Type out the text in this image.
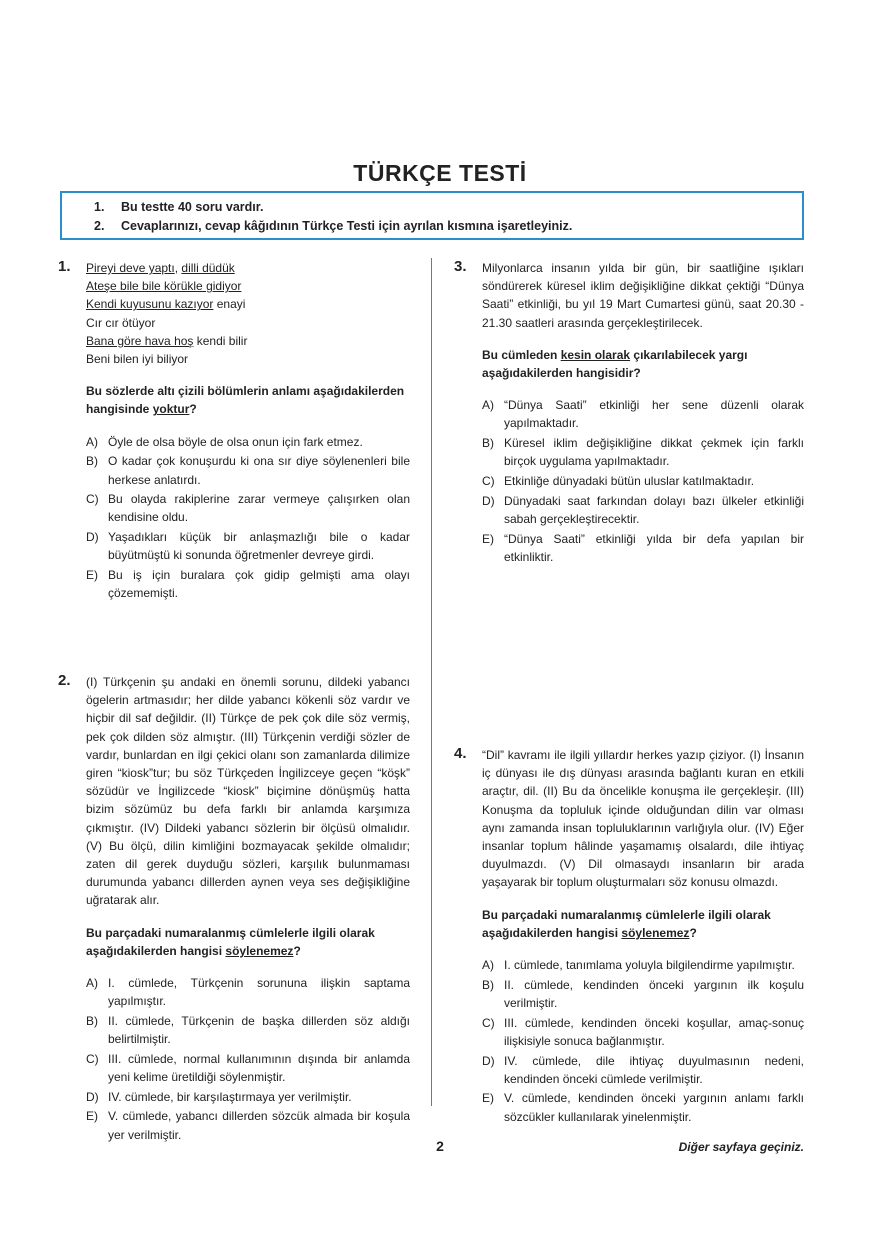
TÜRKÇE TESTİ
1.	Bu testte 40 soru vardır.
2.	Cevaplarınızı, cevap kâğıdının Türkçe Testi için ayrılan kısmına işaretleyiniz.
1. Pireyi deve yaptı, dilli düdük
Ateşe bile bile körükle gidiyor
Kendi kuyusunu kazıyor enayi
Cır cır ötüyor
Bana göre hava hoş kendi bilir
Beni bilen iyi biliyor
Bu sözlerde altı çizili bölümlerin anlamı aşağıdakilerden hangisinde yoktur?
A) Öyle de olsa böyle de olsa onun için fark etmez.
B) O kadar çok konuşurdu ki ona sır diye söylenenleri bile herkese anlatırdı.
C) Bu olayda rakiplerine zarar vermeye çalışırken olan kendisine oldu.
D) Yaşadıkları küçük bir anlaşmazlığı bile o kadar büyütmüştü ki sonunda öğretmenler devreye girdi.
E) Bu iş için buralara çok gidip gelmişti ama olayı çözememişti.
2. (I) Türkçenin şu andaki en önemli sorunu, dildeki yabancı ögelerin artmasıdır; her dilde yabancı kökenli söz vardır ve hiçbir dil saf değildir. (II) Türkçe de pek çok dile söz vermiş, pek çok dilden söz almıştır. (III) Türkçenin verdiği sözler de vardır, bunlardan en ilgi çekici olanı son zamanlarda dilimize giren “kiosk”tur; bu söz Türkçeden İngilizceye geçen “köşk” sözüdür ve İngilizcede “kiosk” biçimine dönüşmüş hatta bizim sözümüz bu defa farklı bir anlamda karşımıza çıkmıştır. (IV) Dildeki yabancı sözlerin bir ölçüsü olmalıdır. (V) Bu ölçü, dilin kimliğini bozmayacak şekilde olmalıdır; zaten dil gerek duyduğu sözleri, karşılık bulunmaması durumunda yabancı dillerden aynen veya ses değişikliğine uğratarak alır.
Bu parçadaki numaralanmış cümlelerle ilgili olarak aşağıdakilerden hangisi söylenemez?
A) I. cümlede, Türkçenin sorununa ilişkin saptama yapılmıştır.
B) II. cümlede, Türkçenin de başka dillerden söz aldığı belirtilmiştir.
C) III. cümlede, normal kullanımının dışında bir anlamda yeni kelime üretildiği söylenmiştir.
D) IV. cümlede, bir karşılaştırmaya yer verilmiştir.
E) V. cümlede, yabancı dillerden sözcük almada bir koşula yer verilmiştir.
3. Milyonlarca insanın yılda bir gün, bir saatliğine ışıkları söndürerek küresel iklim değişikliğine dikkat çektiği “Dünya Saati” etkinliği, bu yıl 19 Mart Cumartesi günü, saat 20.30 - 21.30 saatleri arasında gerçekleştirilecek.
Bu cümleden kesin olarak çıkarılabilecek yargı aşağıdakilerden hangisidir?
A) “Dünya Saati” etkinliği her sene düzenli olarak yapılmaktadır.
B) Küresel iklim değişikliğine dikkat çekmek için farklı birçok uygulama yapılmaktadır.
C) Etkinliğe dünyadaki bütün uluslar katılmaktadır.
D) Dünyadaki saat farkından dolayı bazı ülkeler etkinliği sabah gerçekleştirecektir.
E) “Dünya Saati” etkinliği yılda bir defa yapılan bir etkinliktir.
4. “Dil” kavramı ile ilgili yıllardır herkes yazıp çiziyor. (I) İnsanın iç dünyası ile dış dünyası arasında bağlantı kuran en etkili araçtır, dil. (II) Bu da öncelikle konuşma ile gerçekleşir. (III) Konuşma da topluluk içinde olduğundan dilin var olması aynı zamanda insan topluluklarının varlığıyla olur. (IV) Eğer insanlar toplum hâlinde yaşamamış olsalardı, dile ihtiyaç duyulmazdı. (V) Dil olmasaydı insanların bir arada yaşayarak bir toplum oluşturmaları söz konusu olmazdı.
Bu parçadaki numaralanmış cümlelerle ilgili olarak aşağıdakilerden hangisi söylenemez?
A) I. cümlede, tanımlama yoluyla bilgilendirme yapılmıştır.
B) II. cümlede, kendinden önceki yargının ilk koşulu verilmiştir.
C) III. cümlede, kendinden önceki koşullar, amaç-sonuç ilişkisiyle sonuca bağlanmıştır.
D) IV. cümlede, dile ihtiyaç duyulmasının nedeni, kendinden önceki cümlede verilmiştir.
E) V. cümlede, kendinden önceki yargının anlamı farklı sözcükler kullanılarak yinelenmiştir.
2	Diğer sayfaya geçiniz.
